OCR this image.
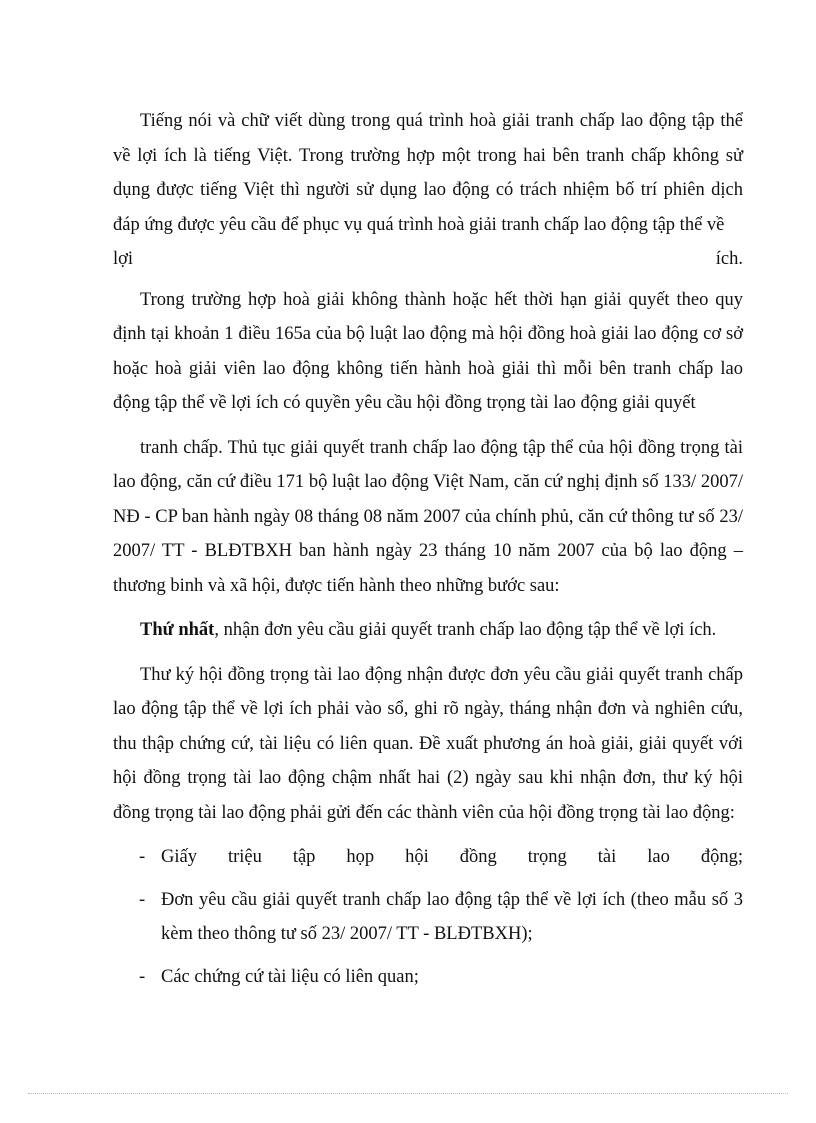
Tiếng nói và chữ viết dùng trong quá trình hoà giải tranh chấp lao động tập thể về lợi ích là tiếng Việt. Trong trường hợp một trong hai bên tranh chấp không sử dụng được tiếng Việt thì người sử dụng lao động có trách nhiệm bố trí phiên dịch đáp ứng được yêu cầu để phục vụ quá trình hoà giải tranh chấp lao động tập thể về
lợi	ích.

Trong trường hợp hoà giải không thành hoặc hết thời hạn giải quyết theo quy định tại khoản 1 điều 165a của bộ luật lao động mà hội đồng hoà giải lao động cơ sở hoặc hoà giải viên lao động không tiến hành hoà giải thì mỗi bên tranh chấp lao động tập thể về lợi ích có quyền yêu cầu hội đồng trọng tài lao động giải quyết

tranh chấp. Thủ tục giải quyết tranh chấp lao động tập thể của hội đồng trọng tài lao động, căn cứ điều 171 bộ luật lao động Việt Nam, căn cứ nghị định số 133/ 2007/ NĐ - CP ban hành ngày 08 tháng 08 năm 2007 của chính phủ, căn cứ thông tư số 23/ 2007/ TT - BLĐTBXH ban hành ngày 23 tháng 10 năm 2007 của bộ lao động – thương binh và xã hội, được tiến hành theo những bước sau:

Thứ nhất, nhận đơn yêu cầu giải quyết tranh chấp lao động tập thể về lợi ích.

Thư ký hội đồng trọng tài lao động nhận được đơn yêu cầu giải quyết tranh chấp lao động tập thể về lợi ích phải vào sổ, ghi rõ ngày, tháng nhận đơn và nghiên cứu, thu thập chứng cứ, tài liệu có liên quan. Đề xuất phương án hoà giải, giải quyết với hội đồng trọng tài lao động chậm nhất hai (2) ngày sau khi nhận đơn, thư ký hội đồng trọng tài lao động phải gửi đến các thành viên của hội đồng trọng tài lao động:

- Giấy triệu tập họp hội đồng trọng tài lao động;
- Đơn yêu cầu giải quyết tranh chấp lao động tập thể về lợi ích (theo mẫu số 3 kèm theo thông tư số 23/ 2007/ TT - BLĐTBXH);
- Các chứng cứ tài liệu có liên quan;
